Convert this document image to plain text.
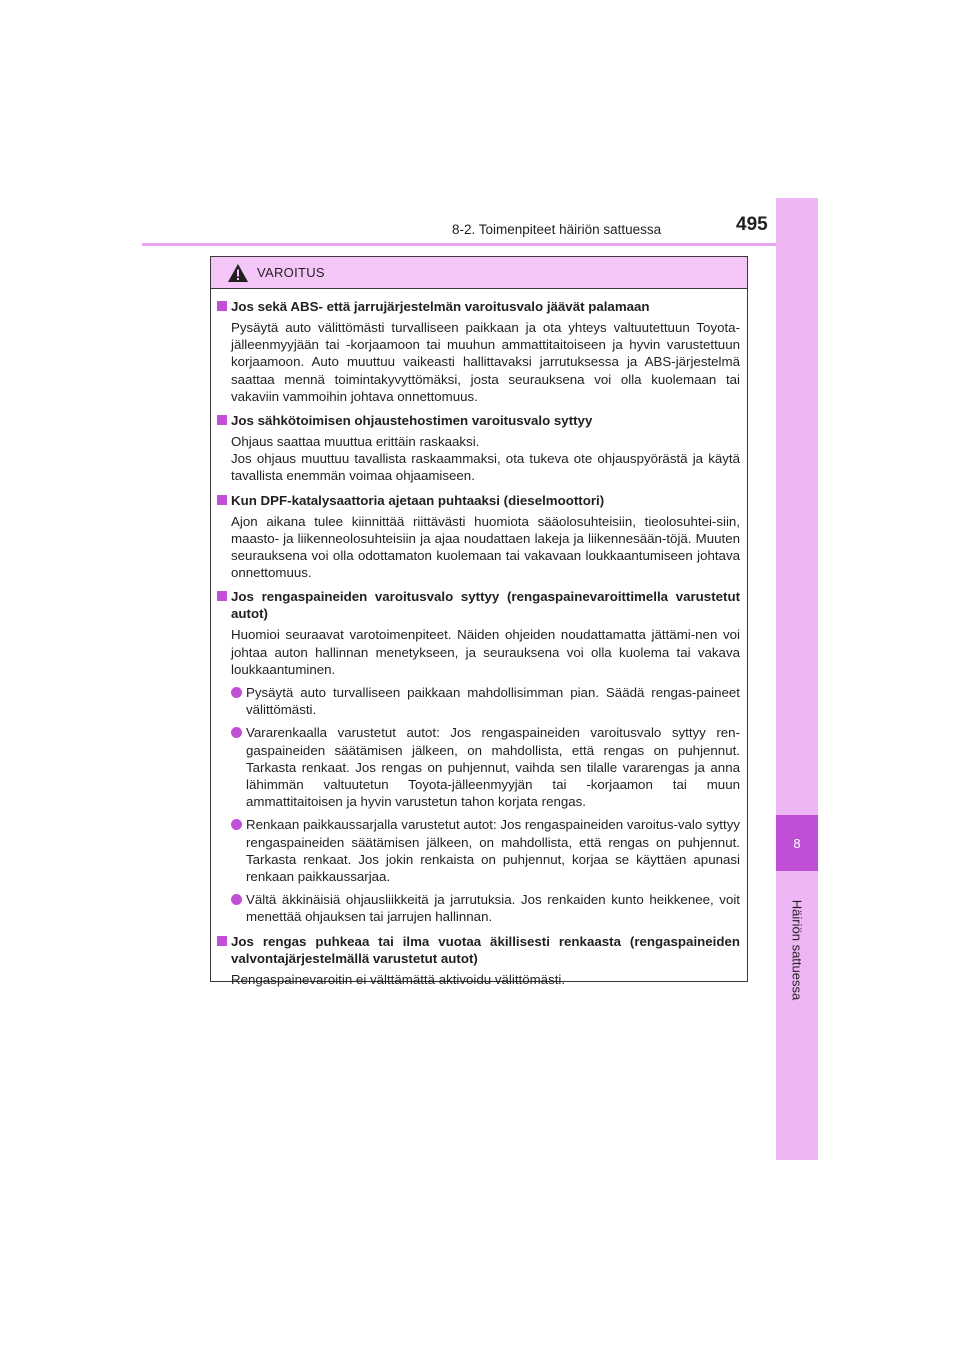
8-2. Toimenpiteet häiriön sattuessa	495
8
Häiriön sattuessa
VAROITUS
Jos sekä ABS- että jarrujärjestelmän varoitusvalo jäävät palamaan
Pysäytä auto välittömästi turvalliseen paikkaan ja ota yhteys valtuutettuun Toyota-jälleenmyyjään tai -korjaamoon tai muuhun ammattitaitoiseen ja hyvin varustettuun korjaamoon. Auto muuttuu vaikeasti hallittavaksi jarrutuksessa ja ABS-järjestelmä saattaa mennä toimintakyvyttömäksi, josta seurauksena voi olla kuolemaan tai vakaviin vammoihin johtava onnettomuus.
Jos sähkötoimisen ohjaustehostimen varoitusvalo syttyy
Ohjaus saattaa muuttua erittäin raskaaksi.
Jos ohjaus muuttuu tavallista raskaammaksi, ota tukeva ote ohjauspyörästä ja käytä tavallista enemmän voimaa ohjaamiseen.
Kun DPF-katalysaattoria ajetaan puhtaaksi (dieselmoottori)
Ajon aikana tulee kiinnittää riittävästi huomiota sääolosuhteisiin, tieolosuhtei-siin, maasto- ja liikenneolosuhteisiin ja ajaa noudattaen lakeja ja liikennesään-töjä. Muuten seurauksena voi olla odottamaton kuolemaan tai vakavaan loukkaantumiseen johtava onnettomuus.
Jos rengaspaineiden varoitusvalo syttyy (rengaspainevaroittimella varustetut autot)
Huomioi seuraavat varotoimenpiteet. Näiden ohjeiden noudattamatta jättämi-nen voi johtaa auton hallinnan menetykseen, ja seurauksena voi olla kuolema tai vakava loukkaantuminen.
Pysäytä auto turvalliseen paikkaan mahdollisimman pian. Säädä rengas-paineet välittömästi.
Vararenkaalla varustetut autot: Jos rengaspaineiden varoitusvalo syttyy ren-gaspaineiden säätämisen jälkeen, on mahdollista, että rengas on puhjennut. Tarkasta renkaat. Jos rengas on puhjennut, vaihda sen tilalle vararengas ja anna lähimmän valtuutetun Toyota-jälleenmyyjän tai -korjaamon tai muun ammattitaitoisen ja hyvin varustetun tahon korjata rengas.
Renkaan paikkaussarjalla varustetut autot: Jos rengaspaineiden varoitus-valo syttyy rengaspaineiden säätämisen jälkeen, on mahdollista, että rengas on puhjennut. Tarkasta renkaat. Jos jokin renkaista on puhjennut, korjaa se käyttäen apunasi renkaan paikkaussarjaa.
Vältä äkkinäisiä ohjausliikkeitä ja jarrutuksia. Jos renkaiden kunto heikkenee, voit menettää ohjauksen tai jarrujen hallinnan.
Jos rengas puhkeaa tai ilma vuotaa äkillisesti renkaasta (rengaspaineiden valvontajärjestelmällä varustetut autot)
Rengaspainevaroitin ei välttämättä aktivoidu välittömästi.
